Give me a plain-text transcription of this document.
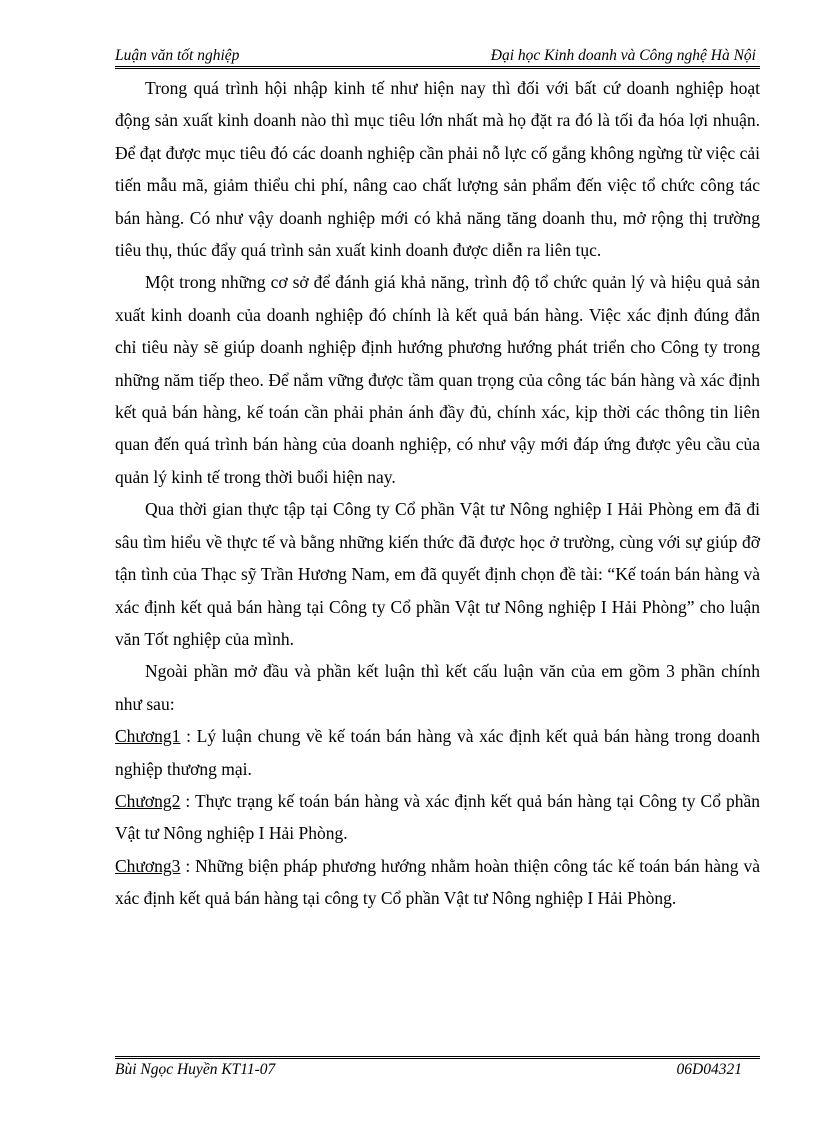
Luận văn tốt nghiệp	Đại học Kinh doanh và Công nghệ Hà Nội

Trong quá trình hội nhập kinh tế như hiện nay thì đối với bất cứ doanh nghiệp hoạt động sản xuất kinh doanh nào thì mục tiêu lớn nhất mà họ đặt ra đó là tối đa hóa lợi nhuận. Để đạt được mục tiêu đó các doanh nghiệp cần phải nỗ lực cố gắng không ngừng từ việc cải tiến mẫu mã, giảm thiểu chi phí, nâng cao chất lượng sản phẩm đến việc tổ chức công tác bán hàng. Có như vậy doanh nghiệp mới có khả năng tăng doanh thu, mở rộng thị trường tiêu thụ, thúc đẩy quá trình sản xuất kinh doanh được diễn ra liên tục.

Một trong những cơ sở để đánh giá khả năng, trình độ tổ chức quản lý và hiệu quả sản xuất kinh doanh của doanh nghiệp đó chính là kết quả bán hàng. Việc xác định đúng đắn chỉ tiêu này sẽ giúp doanh nghiệp định hướng phương hướng phát triển cho Công ty trong những năm tiếp theo. Để nắm vững được tầm quan trọng của công tác bán hàng và xác định kết quả bán hàng, kế toán cần phải phản ánh đầy đủ, chính xác, kịp thời các thông tin liên quan đến quá trình bán hàng của doanh nghiệp, có như vậy mới đáp ứng được yêu cầu của quản lý kinh tế trong thời buổi hiện nay.

Qua thời gian thực tập tại Công ty Cổ phần Vật tư Nông nghiệp I Hải Phòng em đã đi sâu tìm hiểu về thực tế và bằng những kiến thức đã được học ở trường, cùng với sự giúp đỡ tận tình của Thạc sỹ Trần Hương Nam, em đã quyết định chọn đề tài: “Kế toán bán hàng và xác định kết quả bán hàng tại Công ty Cổ phần Vật tư Nông nghiệp I Hải Phòng” cho luận văn Tốt nghiệp của mình.

Ngoài phần mở đầu và phần kết luận thì kết cấu luận văn của em gồm 3 phần chính như sau:

Chương1 : Lý luận chung về kế toán bán hàng và xác định kết quả bán hàng trong doanh nghiệp thương mại.

Chương2 : Thực trạng kế toán bán hàng và xác định kết quả bán hàng tại Công ty Cổ phần Vật tư Nông nghiệp I Hải Phòng.

Chương3 : Những biện pháp phương hướng nhằm hoàn thiện công tác kế toán bán hàng và xác định kết quả bán hàng tại công ty Cổ phần Vật tư Nông nghiệp I Hải Phòng.

Bùi Ngọc Huyền KT11-07	06D04321
